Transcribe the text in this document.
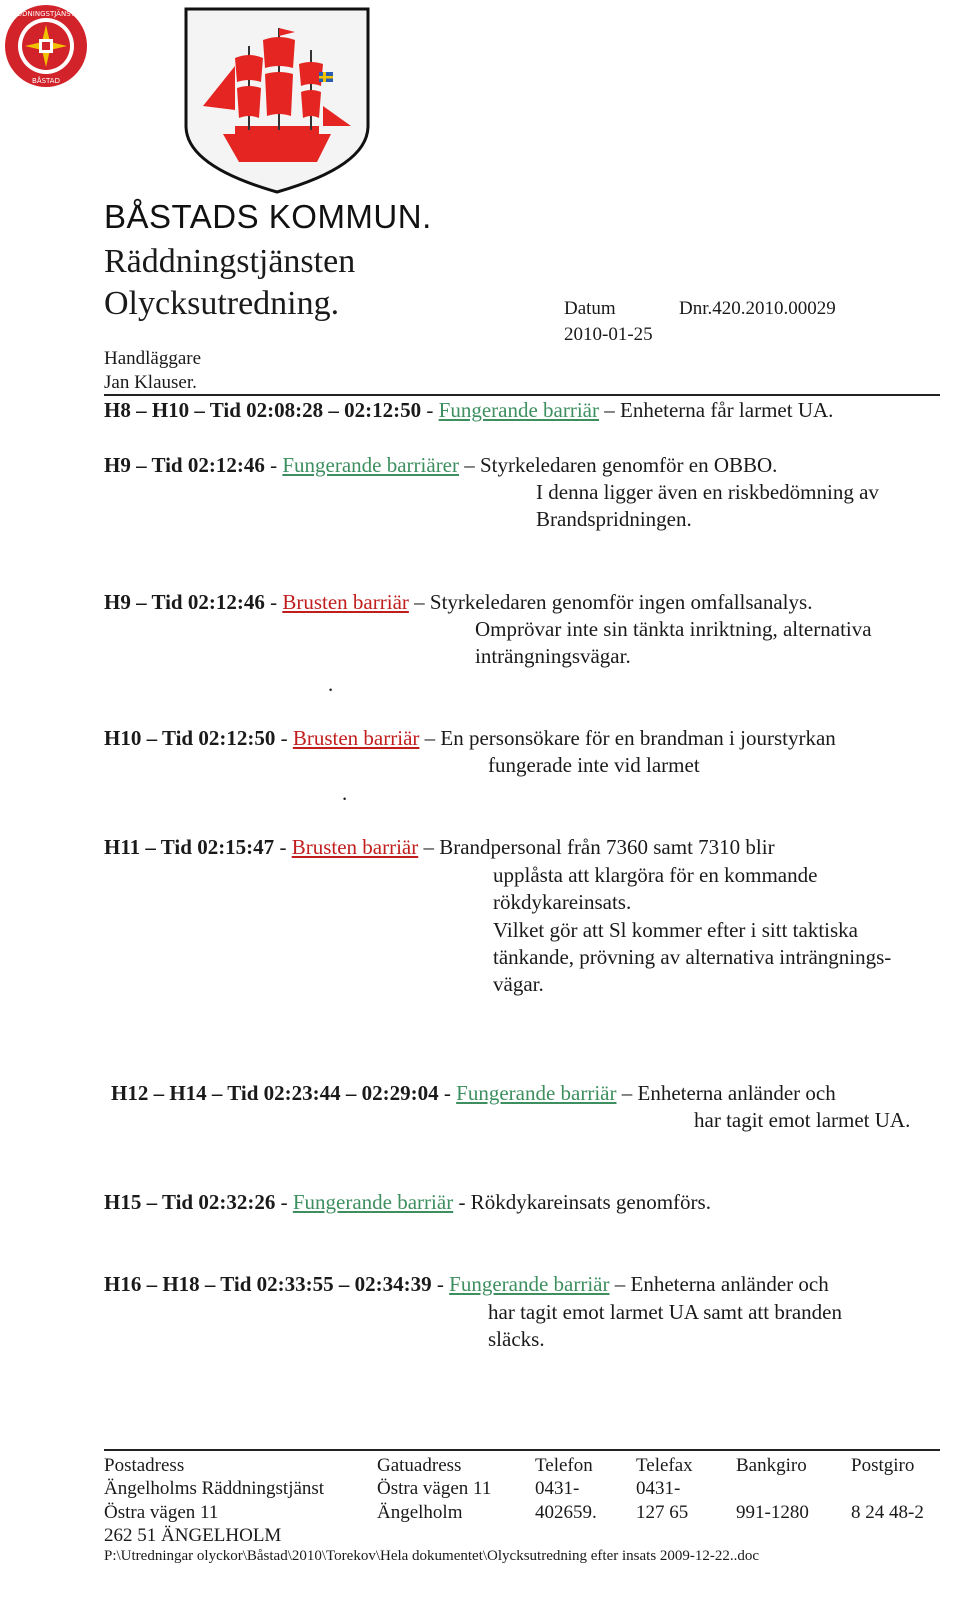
RÄDDNINGSTJÄNSTEN
BÅSTAD
BÅSTADS KOMMUN.
Räddningstjänsten
Olycksutredning.	Datum
2010-01-25
Dnr.420.2010.00029
Handläggare
Jan Klauser.
H8 – H10 – Tid 02:08:28 – 02:12:50 - Fungerande barriär – Enheterna får larmet UA.
H9 – Tid 02:12:46 - Fungerande barriärer – Styrkeledaren genomför en OBBO.
I denna ligger även en riskbedömning av
Brandspridningen.
H9 – Tid 02:12:46 - Brusten barriär – Styrkeledaren genomför ingen omfallsanalys.
Omprövar inte sin tänkta inriktning, alternativa
inträngningsvägar.
.
H10 – Tid 02:12:50 - Brusten barriär – En personsökare för en brandman i jourstyrkan
fungerade inte vid larmet
.
H11 – Tid 02:15:47 - Brusten barriär – Brandpersonal från 7360 samt 7310 blir
upplåsta att klargöra för en kommande
rökdykareinsats.
Vilket gör att Sl kommer efter i sitt taktiska
tänkande, prövning av alternativa inträngnings-
vägar.
H12 – H14 – Tid 02:23:44 – 02:29:04 - Fungerande barriär – Enheterna anländer och
har tagit emot larmet UA.
H15 – Tid 02:32:26 - Fungerande barriär - Rökdykareinsats genomförs.
H16 – H18 – Tid 02:33:55 – 02:34:39 - Fungerande barriär – Enheterna anländer och
har tagit emot larmet UA samt att branden
släcks.
Postadress
Ängelholms Räddningstjänst
Östra vägen 11
262 51 ÄNGELHOLM
Gatuadress
Östra vägen 11
Ängelholm
Telefon
0431-
402659.
Telefax
0431-
127 65
Bankgiro
991-1280
Postgiro
8 24 48-2
P:\Utredningar olyckor\Båstad\2010\Torekov\Hela dokumentet\Olycksutredning efter insats 2009-12-22..doc
